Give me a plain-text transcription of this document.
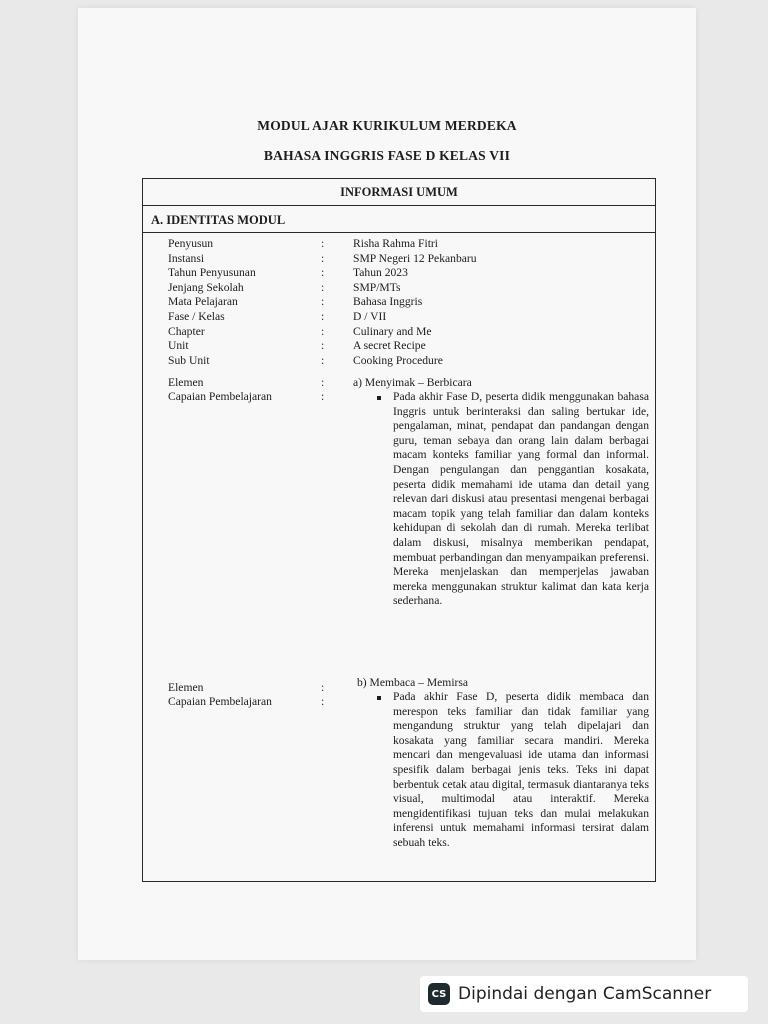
MODUL AJAR KURIKULUM MERDEKA
BAHASA INGGRIS FASE D KELAS VII
INFORMASI UMUM
A. IDENTITAS MODUL
Penyusun	: Risha Rahma Fitri
Instansi	: SMP Negeri 12 Pekanbaru
Tahun Penyusunan	: Tahun 2023
Jenjang Sekolah	: SMP/MTs
Mata Pelajaran	: Bahasa Inggris
Fase / Kelas	: D / VII
Chapter	: Culinary and Me
Unit	: A secret Recipe
Sub Unit	: Cooking Procedure
Elemen	: a) Menyimak – Berbicara
Capaian Pembelajaran	:	Pada akhir Fase D, peserta didik menggunakan bahasa Inggris untuk berinteraksi dan saling bertukar ide, pengalaman, minat, pendapat dan pandangan dengan guru, teman sebaya dan orang lain dalam berbagai macam konteks familiar yang formal dan informal. Dengan pengulangan dan penggantian kosakata, peserta didik memahami ide utama dan detail yang relevan dari diskusi atau presentasi mengenai berbagai macam topik yang telah familiar dan dalam konteks kehidupan di sekolah dan di rumah. Mereka terlibat dalam diskusi, misalnya memberikan pendapat, membuat perbandingan dan menyampaikan preferensi. Mereka menjelaskan dan memperjelas jawaban mereka menggunakan struktur kalimat dan kata kerja sederhana.
Elemen	:	b) Membaca – Memirsa
Capaian Pembelajaran	:	Pada akhir Fase D, peserta didik membaca dan merespon teks familiar dan tidak familiar yang mengandung struktur yang telah dipelajari dan kosakata yang familiar secara mandiri. Mereka mencari dan mengevaluasi ide utama dan informasi spesifik dalam berbagai jenis teks. Teks ini dapat berbentuk cetak atau digital, termasuk diantaranya teks visual, multimodal atau interaktif. Mereka mengidentifikasi tujuan teks dan mulai melakukan inferensi untuk memahami informasi tersirat dalam sebuah teks.
CS Dipindai dengan CamScanner
